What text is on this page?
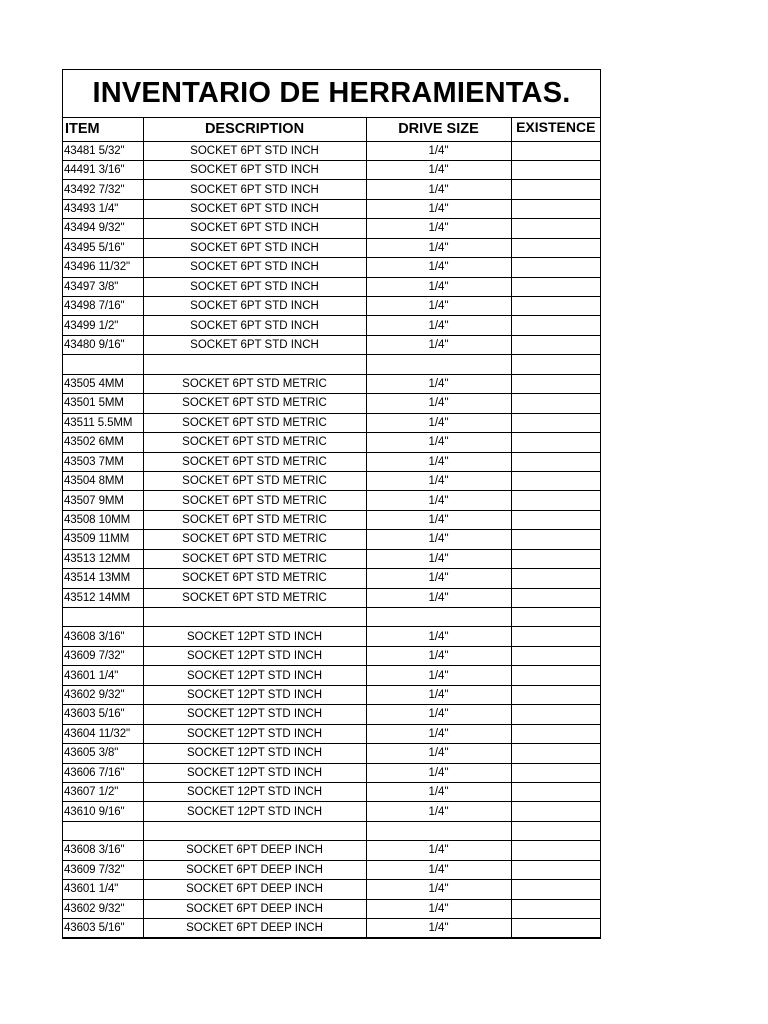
INVENTARIO DE HERRAMIENTAS.
ITEM	DESCRIPTION	DRIVE SIZE	EXISTENCE
43481 5/32"	SOCKET 6PT STD INCH	1/4"	
44491 3/16"	SOCKET 6PT STD INCH	1/4"	
43492 7/32"	SOCKET 6PT STD INCH	1/4"	
43493 1/4"	SOCKET 6PT STD INCH	1/4"	
43494 9/32"	SOCKET 6PT STD INCH	1/4"	
43495 5/16"	SOCKET 6PT STD INCH	1/4"	
43496 11/32"	SOCKET 6PT STD INCH	1/4"	
43497 3/8"	SOCKET 6PT STD INCH	1/4"	
43498 7/16"	SOCKET 6PT STD INCH	1/4"	
43499 1/2"	SOCKET 6PT STD INCH	1/4"	
43480 9/16"	SOCKET 6PT STD INCH	1/4"	

43505 4MM	SOCKET 6PT STD METRIC	1/4"	
43501 5MM	SOCKET 6PT STD METRIC	1/4"	
43511 5.5MM	SOCKET 6PT STD METRIC	1/4"	
43502 6MM	SOCKET 6PT STD METRIC	1/4"	
43503 7MM	SOCKET 6PT STD METRIC	1/4"	
43504 8MM	SOCKET 6PT STD METRIC	1/4"	
43507 9MM	SOCKET 6PT STD METRIC	1/4"	
43508 10MM	SOCKET 6PT STD METRIC	1/4"	
43509 11MM	SOCKET 6PT STD METRIC	1/4"	
43513 12MM	SOCKET 6PT STD METRIC	1/4"	
43514 13MM	SOCKET 6PT STD METRIC	1/4"	
43512 14MM	SOCKET 6PT STD METRIC	1/4"	

43608 3/16"	SOCKET 12PT STD INCH	1/4"	
43609 7/32"	SOCKET 12PT STD INCH	1/4"	
43601 1/4"	SOCKET 12PT STD INCH	1/4"	
43602 9/32"	SOCKET 12PT STD INCH	1/4"	
43603 5/16"	SOCKET 12PT STD INCH	1/4"	
43604 11/32"	SOCKET 12PT STD INCH	1/4"	
43605 3/8"	SOCKET 12PT STD INCH	1/4"	
43606 7/16"	SOCKET 12PT STD INCH	1/4"	
43607 1/2"	SOCKET 12PT STD INCH	1/4"	
43610 9/16"	SOCKET 12PT STD INCH	1/4"	

43608 3/16"	SOCKET 6PT DEEP INCH	1/4"	
43609 7/32"	SOCKET 6PT DEEP INCH	1/4"	
43601 1/4"	SOCKET 6PT DEEP INCH	1/4"	
43602 9/32"	SOCKET 6PT DEEP INCH	1/4"	
43603 5/16"	SOCKET 6PT DEEP INCH	1/4"	
